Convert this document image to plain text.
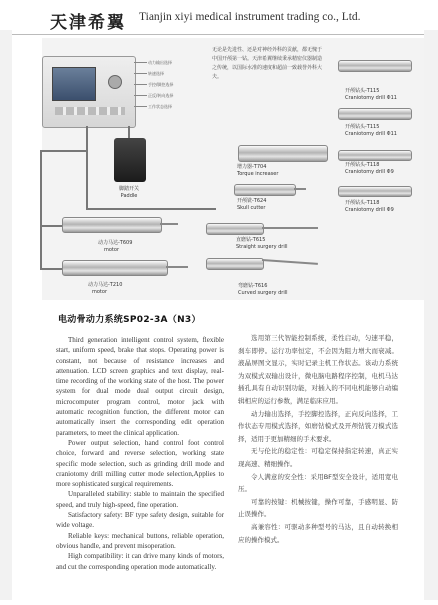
天津希翼 Tianjin xiyi medical instrument trading co., Ltd.
动力输出选择
转速选择
手控/脚控选择
正反/转向选择
工作状态选择
无论是先进性、还是对神经外科的贡献，都无愧于中国开颅第一钻。天津希翼继续秉承精密仪器制造之传统，以国际水准的速度和超前一致载誉外科大夫。
脚踏开关
Paddle
动力马达-T609
motor
动力马达-T210
motor
增力器-T704
Torque increaser
开颅铣-T624
Skull cutter
直磨钻-T615
Straight surgery drill
弯磨钻-T616
Curved surgery drill
开颅钻头-T115
Craniotomy drill Φ11
开颅钻头-T115
Craniotomy drill Φ11
开颅钻头-T118
Craniotomy drill Φ9
开颅钻头-T118
Craniotomy drill Φ9
电动骨动力系统SP02-3A（N3）

Third generation intelligent control system, flexible start, uniform speed, brake that stops. Operating power is constant, not because of resistance increases and attenuation. LCD screen graphics and text display, real-time recording of the working state of the host. The power system for dual mode dual output circuit design, microcomputer program control, motor jack with automatic recognition function, the different motor can automatically insert the corresponding edit operation parameters, to meet the clinical application.

Power output selection, hand control foot control choice, forward and reverse selection, working state specific mode selection, such as grinding drill mode and craniotomy drill milling cutter mode selection,Applies to more sophisticated surgical requirements.

Unparalleled stability: stable to maintain the specified speed, and truly high-speed, fine operation.

Satisfactory safety: BF type safety design, suitable for wide voltage.

Reliable keys: mechanical buttons, reliable operation, obvious handle, and prevent misoperation.

High compatibility: it can drive many kinds of motors, and cut the corresponding operation mode automatically.

选用第三代智能控制系统，柔性启动，匀速平稳，刹车即停。运行功率恒定，不会因为阻力增大而衰减。液晶屏图文显示，实时记录主机工作状态。该动力系统为双模式双输出设计，微电脑电路程序控制，电机马达插孔具有自动识别功能，对插入的不同电机能够自动编辑相应的运行参数，满足临床应用。

动力输出选择，手控脚控选择，正向反向选择，工作状态专用模式选择，如磨钻模式及开颅钻铣刀模式选择，适用于更加精细的手术要求。

无与伦比的稳定性：可稳定保持指定转速，真正实现高速、精细操作。

令人满意的安全性：采用BF型安全设计，适用宽电压。

可靠的按键：机械按键，操作可靠，手感明显、防止误操作。

高兼容性：可驱动多种型号的马达，且自动转换相应的操作模式。
